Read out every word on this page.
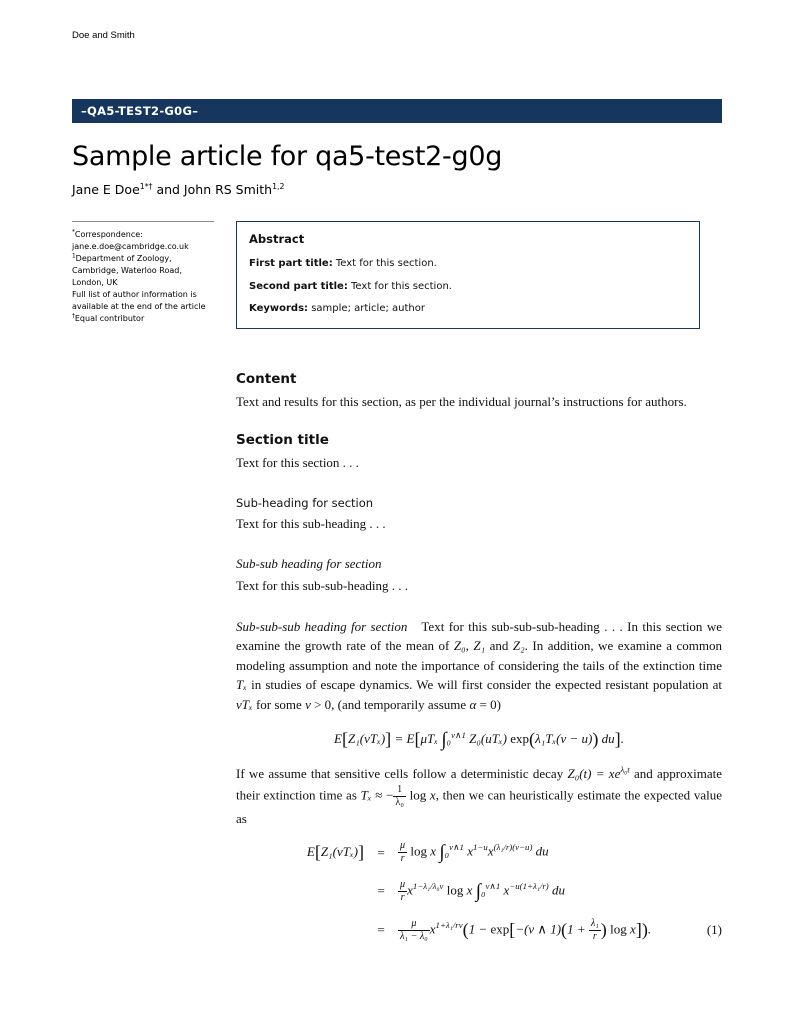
Doe and Smith
–QA5-TEST2-G0G–
Sample article for qa5-test2-g0g
Jane E Doe$^{1*\dagger}$ and John RS Smith$^{1,2}$

*Correspondence: jane.e.doe@cambridge.co.uk

$^1$Department of Zoology, Cambridge, Waterloo Road, London, UK

Full list of author information is available at the end of the article

†Equal contributor

Abstract

First part title: Text for this section.

Second part title: Text for this section.

Keywords: sample; article; author

Content

Text and results for this section, as per the individual journal’s instructions for authors.

Section title

Text for this section . . .

Sub-heading for section

Text for this sub-heading . . .

Sub-sub heading for section

Text for this sub-sub-heading . . .

Sub-sub-sub heading for section Text for this sub-sub-sub-heading . . . In this section we examine the growth rate of the mean of Z₀, Z₁ and Z₂. In addition, we examine a common modeling assumption and note the importance of considering the tails of the extinction time Tₓ in studies of escape dynamics. We will first consider the expected resistant population at vTₓ for some v > 0, (and temporarily assume α = 0)

E[Z₁(vTₓ)] = E[μTₓ ∫₀$^{v\wedge 1}$ Z₀(uTₓ) exp(λ₁Tₓ(v − u)) du].

If we assume that sensitive cells follow a deterministic decay $Z_0(t) = xe^{\lambda_0t}$ and approximate their extinction time as Tₓ ≈ − $\frac{1}{\text{λ₀}}$ log x, then we can heuristically estimate the expected value as

E[Z₁(vTₓ)] =	$\frac{\mu}{r}$ log x ∫₀$^{v\wedge 1}$ $x^{1-u}x^{(\lambda_1/r)(v-u)}$ du
=	$\frac{\mu}{r} x^{1-\lambda_1/\lambda_0v}$ log x ∫₀$^{v\wedge 1}$ $x^{-u(1+\lambda_1/r)}$ du
=	$\frac{\mu}{\text{λ₁ − λ₀}} x^{1+\lambda_1/rv}(1 - \exp[-(v$ ∧ $1)(1 + \frac{\text{λ₁}}{r}$ ) log x]).	(1)
